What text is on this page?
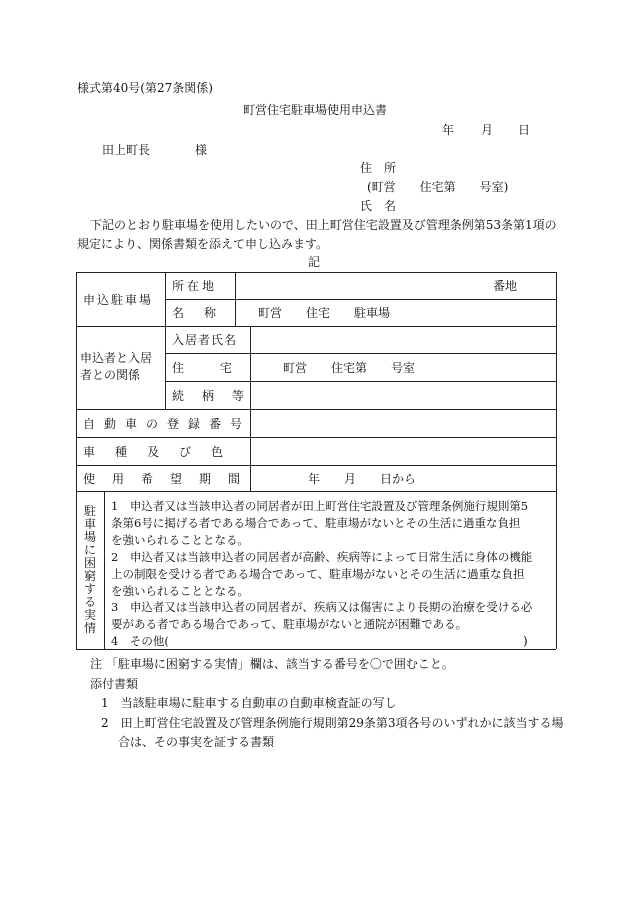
様式第40号(第27条関係)
町営住宅駐車場使用申込書
年 月 日
田上町長	様
住　所
(町営　　住宅第　　号室)
氏　名
下記のとおり駐車場を使用したいので、田上町営住宅設置及び管理条例第53条第1項の
規定により、関係書類を添えて申し込みます。
記
申込駐車場
所在地	番地
名　称	町営　　住宅　　駐車場
申込者と入居
者との関係
入居者氏名
住　　宅	町営　　住宅第　　号室
続　柄　等
自動車の登録番号
車種及び色
使用希望期間	年　　月　　日から
駐車場に困窮する実情
1　申込者又は当該申込者の同居者が田上町営住宅設置及び管理条例施行規則第5
条第6号に掲げる者である場合であって、駐車場がないとその生活に過重な負担
を強いられることとなる。
2　申込者又は当該申込者の同居者が高齢、疾病等によって日常生活に身体の機能
上の制限を受ける者である場合であって、駐車場がないとその生活に過重な負担
を強いられることとなる。
3　申込者又は当該申込者の同居者が、疾病又は傷害により長期の治療を受ける必
要がある者である場合であって、駐車場がないと通院が困難である。
4　その他(	)
注 「駐車場に困窮する実情」欄は、該当する番号を〇で囲むこと。
添付書類
1　当該駐車場に駐車する自動車の自動車検査証の写し
2　田上町営住宅設置及び管理条例施行規則第29条第3項各号のいずれかに該当する場
合は、その事実を証する書類
